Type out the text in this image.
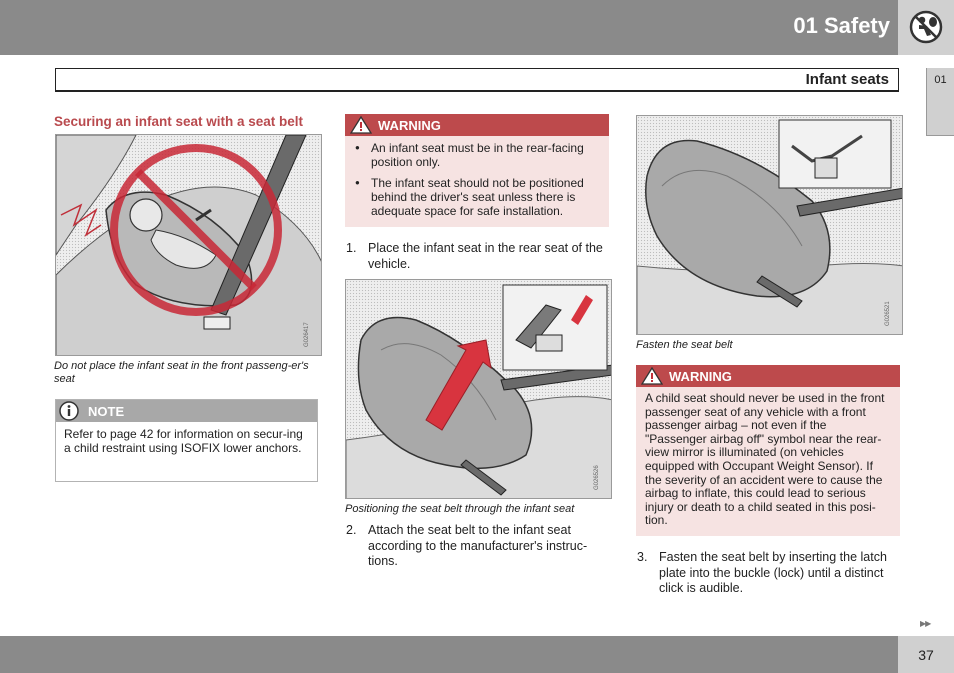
01 Safety
Infant seats	01
Securing an infant seat with a seat belt
G026417
Do not place the infant seat in the front passeng-er's seat
NOTE
Refer to page 42 for information on secur-ing a child restraint using ISOFIX lower anchors.
WARNING
● An infant seat must be in the rear-facing position only.
● The infant seat should not be positioned behind the driver's seat unless there is adequate space for safe installation.
1. Place the infant seat in the rear seat of the vehicle.
G026526
Positioning the seat belt through the infant seat
2. Attach the seat belt to the infant seat according to the manufacturer's instruc-tions.
G026521
Fasten the seat belt
WARNING
A child seat should never be used in the front passenger seat of any vehicle with a front passenger airbag – not even if the "Passenger airbag off" symbol near the rear-view mirror is illuminated (on vehicles equipped with Occupant Weight Sensor). If the severity of an accident were to cause the airbag to inflate, this could lead to serious injury or death to a child seated in this posi-tion.
3. Fasten the seat belt by inserting the latch plate into the buckle (lock) until a distinct click is audible.
▶▶
37
